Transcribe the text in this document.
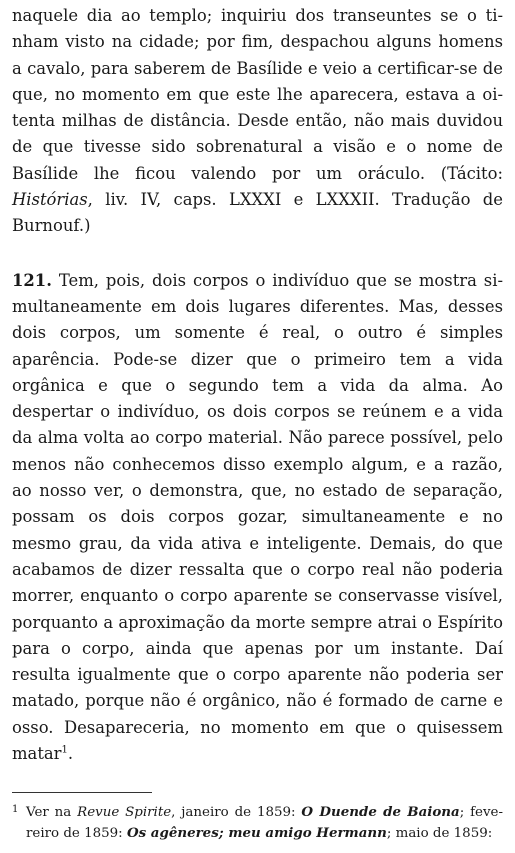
naquele dia ao templo; inquiriu dos transeuntes se o tinham visto na cidade; por fim, despachou alguns homens a cavalo, para saberem de Basílide e veio a certificar-se de que, no momento em que este lhe aparecera, estava a oitenta milhas de distância. Desde então, não mais duvidou de que tivesse sido sobrenatural a visão e o nome de Basílide lhe ficou valendo por um oráculo. (Tácito: Histórias, liv. IV, caps. LXXXI e LXXXII. Tradução de Burnouf.)

121. Tem, pois, dois corpos o indivíduo que se mostra simultaneamente em dois lugares diferentes. Mas, desses dois corpos, um somente é real, o outro é simples aparência. Pode-se dizer que o primeiro tem a vida orgânica e que o segundo tem a vida da alma. Ao despertar o indivíduo, os dois corpos se reúnem e a vida da alma volta ao corpo material. Não parece possível, pelo menos não conhecemos disso exemplo algum, e a razão, ao nosso ver, o demonstra, que, no estado de separação, possam os dois corpos gozar, simultaneamente e no mesmo grau, da vida ativa e inteligente. Demais, do que acabamos de dizer ressalta que o corpo real não poderia morrer, enquanto o corpo aparente se conservasse visível, porquanto a aproximação da morte sempre atrai o Espírito para o corpo, ainda que apenas por um instante. Daí resulta igualmente que o corpo aparente não poderia ser matado, porque não é orgânico, não é formado de carne e osso. Desapareceria, no momento em que o quisessem matar$^1$.

1 Ver na Revue Spirite, janeiro de 1859: O Duende de Baiona; fevereiro de 1859: Os agêneres; meu amigo Hermann; maio de 1859:
